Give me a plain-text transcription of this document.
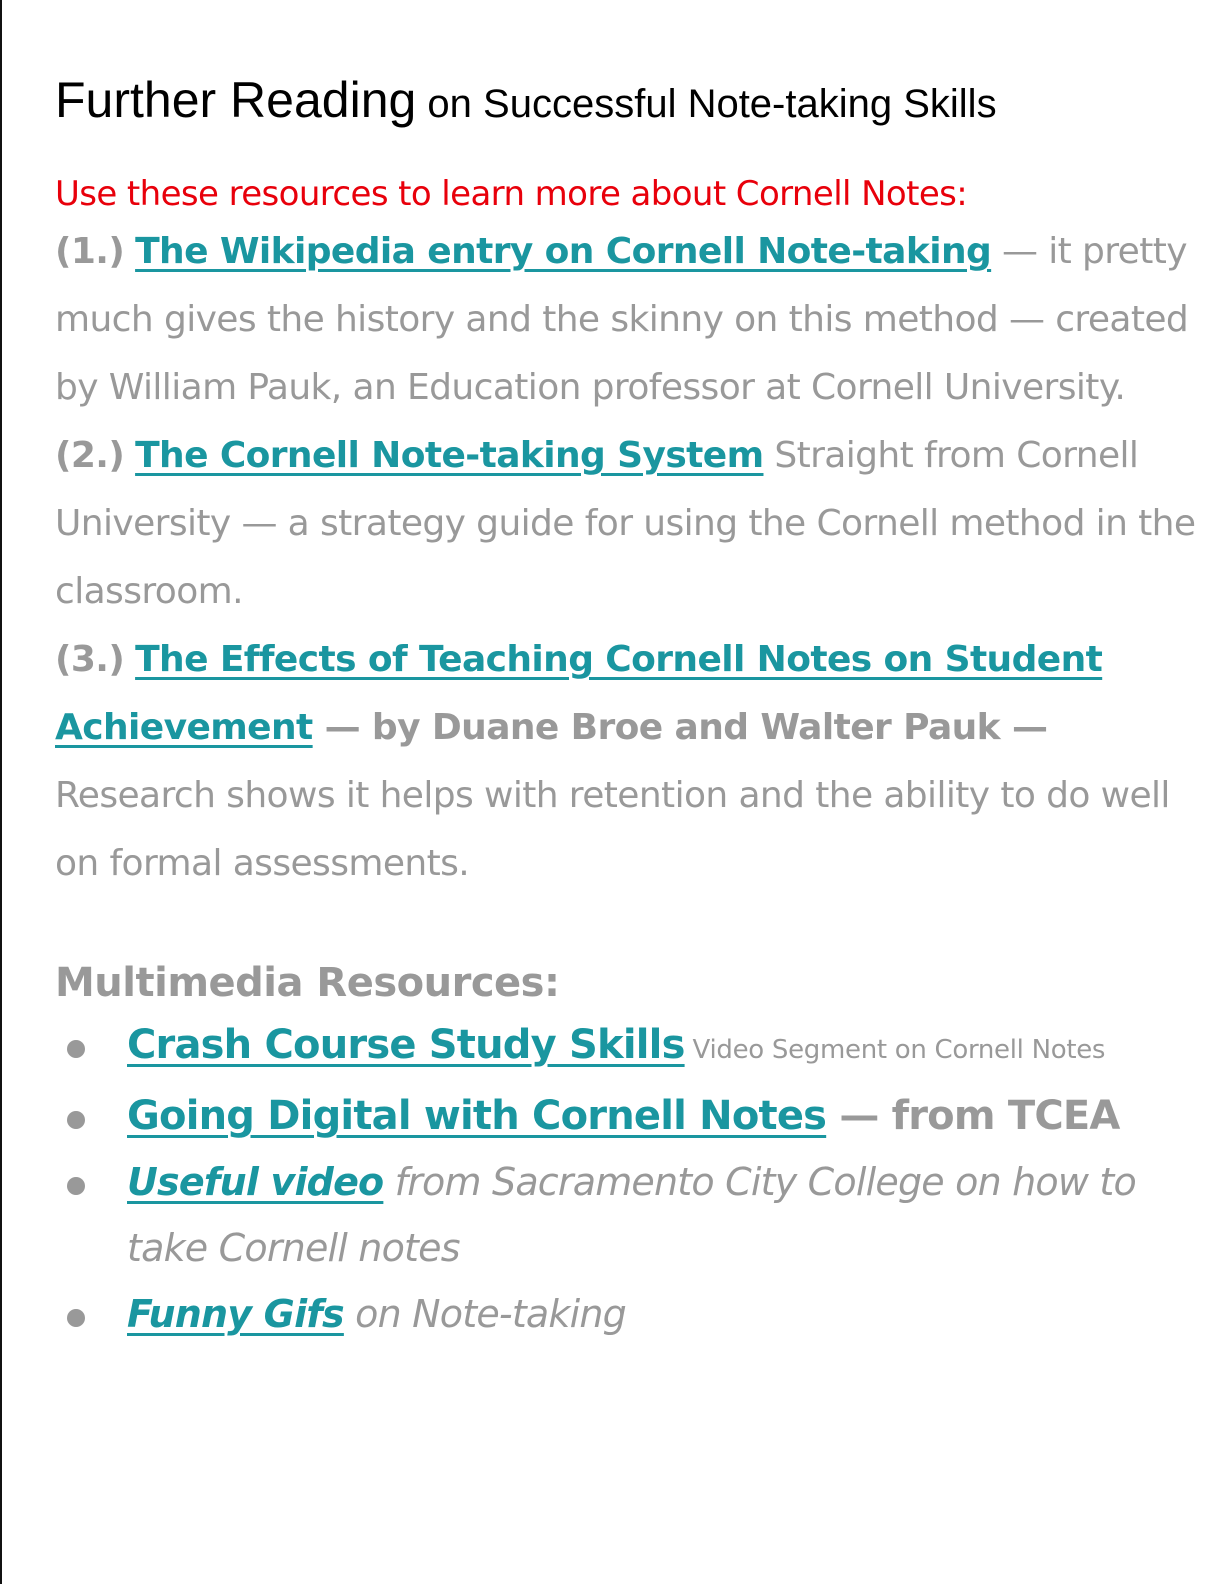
Further Reading on Successful Note-taking Skills
Use these resources to learn more about Cornell Notes:
(1.) The Wikipedia entry on Cornell Note-taking — it pretty much gives the history and the skinny on this method — created by William Pauk, an Education professor at Cornell University.
(2.) The Cornell Note-taking System Straight from Cornell University — a strategy guide for using the Cornell method in the classroom.
(3.) The Effects of Teaching Cornell Notes on Student Achievement — by Duane Broe and Walter Pauk — Research shows it helps with retention and the ability to do well on formal assessments.
Multimedia Resources:
Crash Course Study Skills Video Segment on Cornell Notes
Going Digital with Cornell Notes — from TCEA
Useful video from Sacramento City College on how to take Cornell notes
Funny Gifs on Note-taking
